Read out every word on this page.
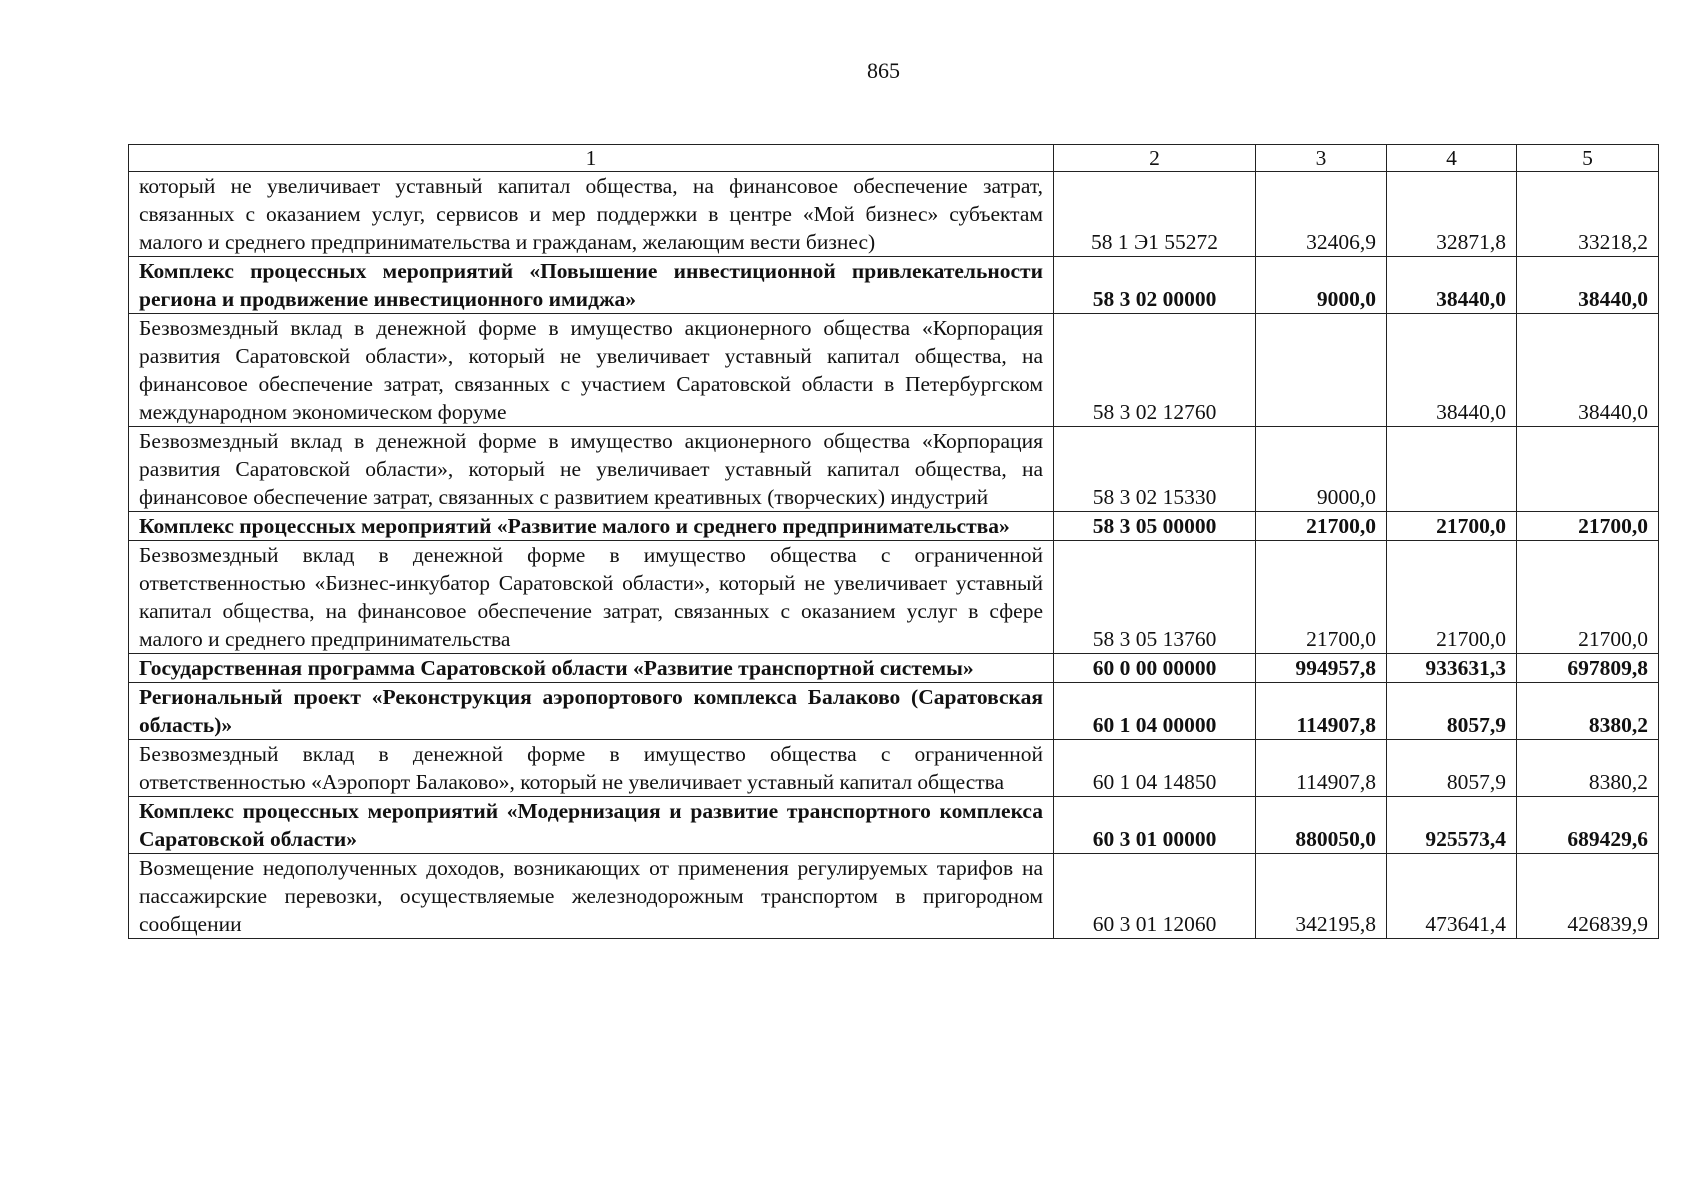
865
1	2	3	4	5
который не увеличивает уставный капитал общества, на финансовое обеспечение затрат, связанных с оказанием услуг, сервисов и мер поддержки в центре «Мой бизнес» субъектам малого и среднего предпринимательства и гражданам, желающим вести бизнес)	58 1 Э1 55272	32406,9	32871,8	33218,2
Комплекс процессных мероприятий «Повышение инвестиционной привлекательности региона и продвижение инвестиционного имиджа»	58 3 02 00000	9000,0	38440,0	38440,0
Безвозмездный вклад в денежной форме в имущество акционерного общества «Корпорация развития Саратовской области», который не увеличивает уставный капитал общества, на финансовое обеспечение затрат, связанных с участием Саратовской области в Петербургском международном экономическом форуме	58 3 02 12760		38440,0	38440,0
Безвозмездный вклад в денежной форме в имущество акционерного общества «Корпорация развития Саратовской области», который не увеличивает уставный капитал общества, на финансовое обеспечение затрат, связанных с развитием креативных (творческих) индустрий	58 3 02 15330	9000,0		
Комплекс процессных мероприятий «Развитие малого и среднего предпринимательства»	58 3 05 00000	21700,0	21700,0	21700,0
Безвозмездный вклад в денежной форме в имущество общества с ограниченной ответственностью «Бизнес-инкубатор Саратовской области», который не увеличивает уставный капитал общества, на финансовое обеспечение затрат, связанных с оказанием услуг в сфере малого и среднего предпринимательства	58 3 05 13760	21700,0	21700,0	21700,0
Государственная программа Саратовской области «Развитие транспортной системы»	60 0 00 00000	994957,8	933631,3	697809,8
Региональный проект «Реконструкция аэропортового комплекса Балаково (Саратовская область)»	60 1 04 00000	114907,8	8057,9	8380,2
Безвозмездный вклад в денежной форме в имущество общества с ограниченной ответственностью «Аэропорт Балаково», который не увеличивает уставный капитал общества	60 1 04 14850	114907,8	8057,9	8380,2
Комплекс процессных мероприятий «Модернизация и развитие транспортного комплекса Саратовской области»	60 3 01 00000	880050,0	925573,4	689429,6
Возмещение недополученных доходов, возникающих от применения регулируемых тарифов на пассажирские перевозки, осуществляемые железнодорожным транспортом в пригородном сообщении	60 3 01 12060	342195,8	473641,4	426839,9
